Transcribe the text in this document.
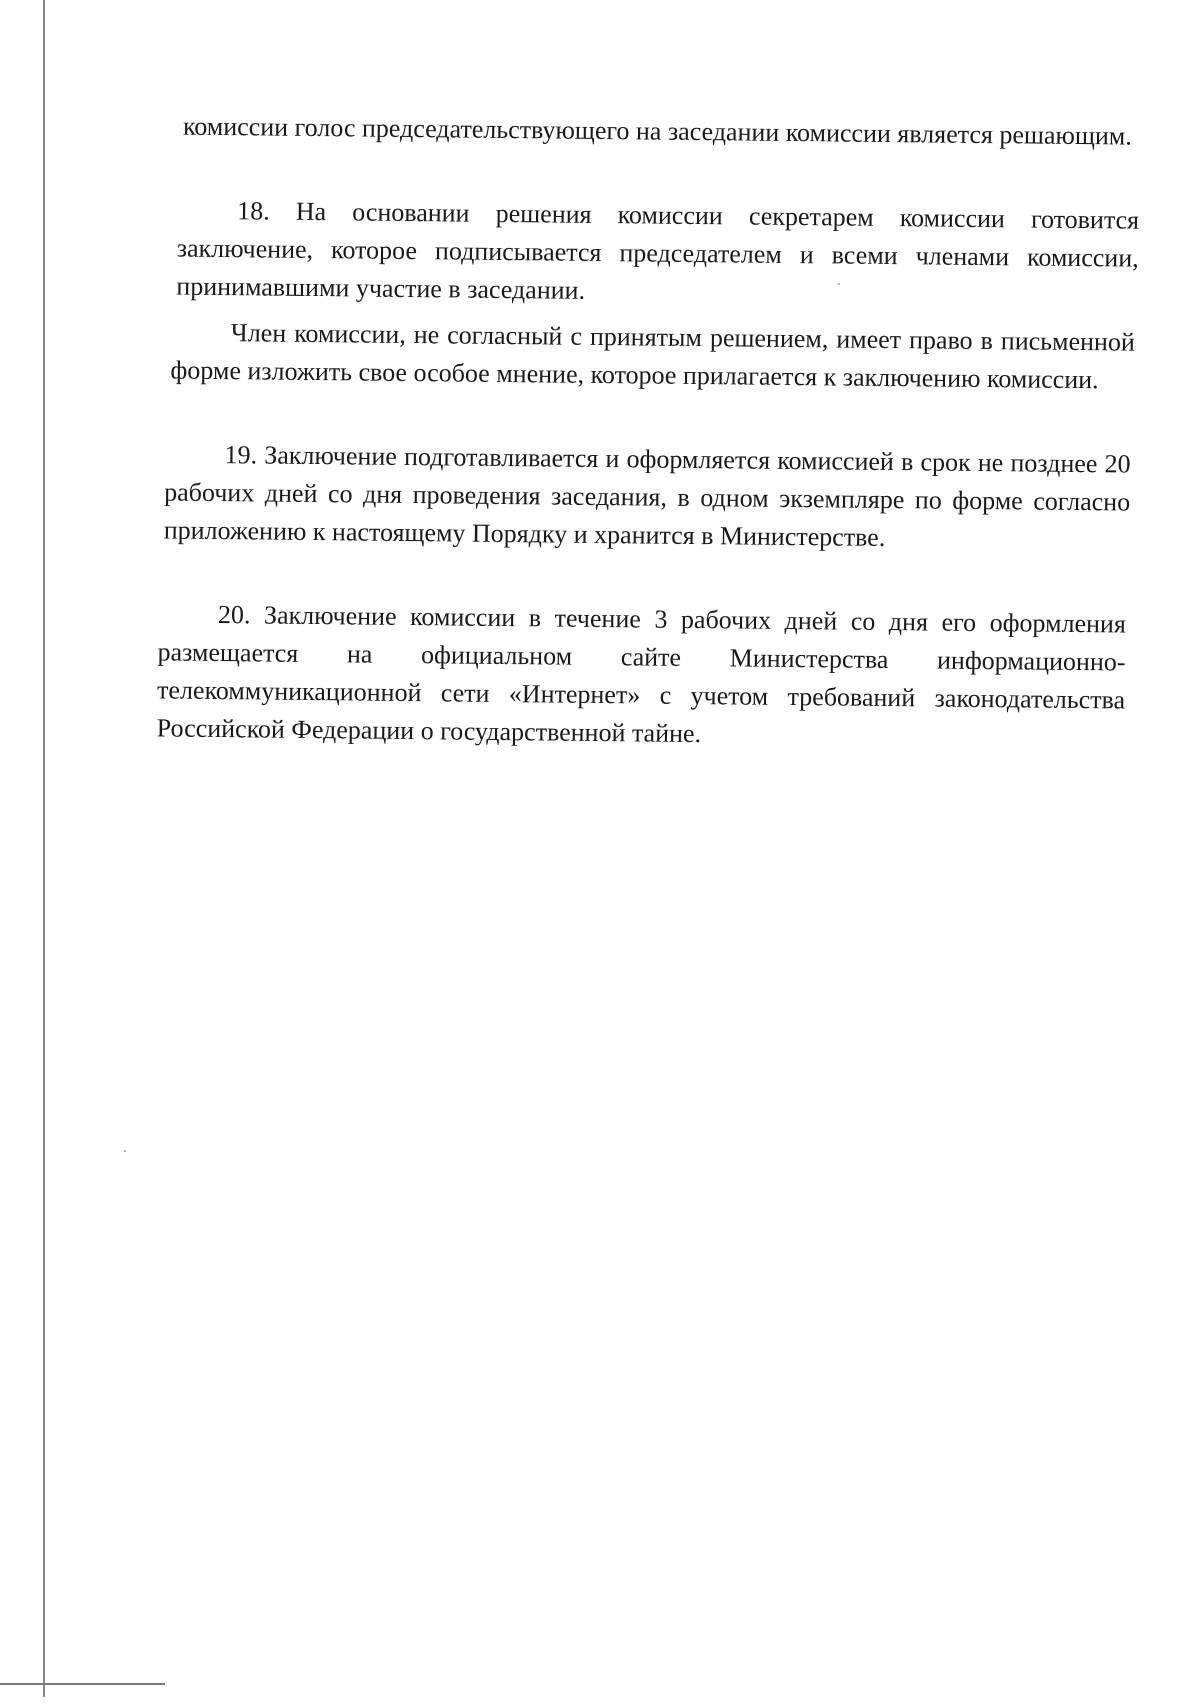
комиссии голос председательствующего на заседании комиссии является решающим.

18. На основании решения комиссии секретарем комиссии готовится заключение, которое подписывается председателем и всеми членами комиссии, принимавшими участие в заседании.

Член комиссии, не согласный с принятым решением, имеет право в письменной форме изложить свое особое мнение, которое прилагается к заключению комиссии.

19. Заключение подготавливается и оформляется комиссией в срок не позднее 20 рабочих дней со дня проведения заседания, в одном экземпляре по форме согласно приложению к настоящему Порядку и хранится в Министерстве.

20. Заключение комиссии в течение 3 рабочих дней со дня его оформления размещается на официальном сайте Министерства информационно-телекоммуникационной сети «Интернет» с учетом требований законодательства Российской Федерации о государственной тайне.
